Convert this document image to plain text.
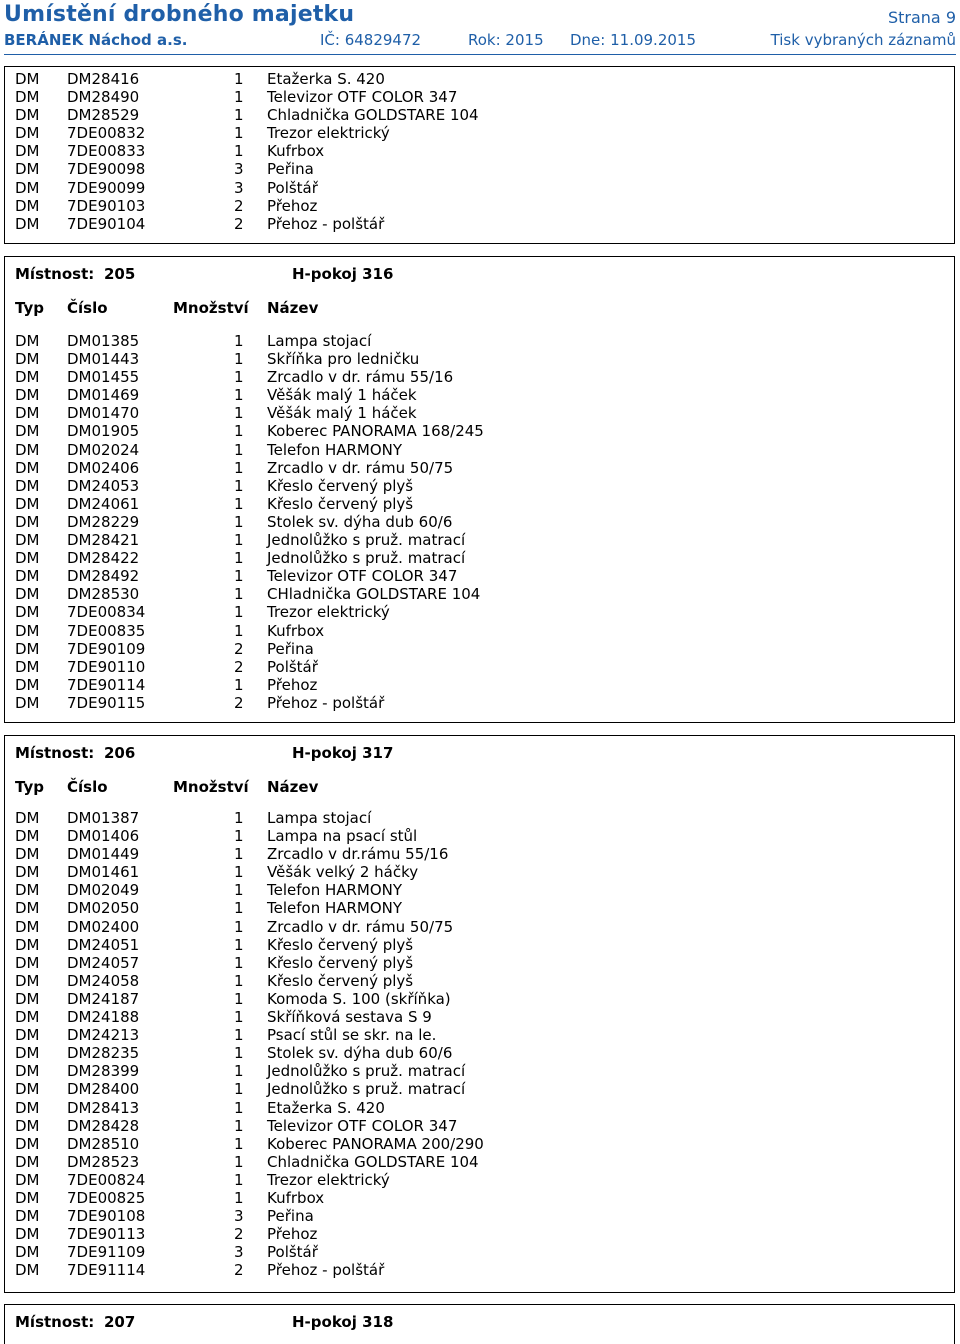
Umístění drobného majetku	Strana 9
BERÁNEK Náchod a.s.	IČ: 64829472	Rok: 2015 Dne: 11.09.2015	Tisk vybraných záznamů
DM DM28416	1 Etažerka S. 420
DM DM28490	1 Televizor OTF COLOR 347
DM DM28529	1 Chladnička GOLDSTARE 104
DM 7DE00832	1 Trezor elektrický
DM 7DE00833	1 Kufrbox
DM 7DE90098	3 Peřina
DM 7DE90099	3 Polštář
DM 7DE90103	2 Přehoz
DM 7DE90104	2 Přehoz - polštář
Místnost: 205	H-pokoj 316
Typ Číslo	Množství Název
DM DM01385	1 Lampa stojací
DM DM01443	1 Skříňka pro ledničku
DM DM01455	1 Zrcadlo v dr. rámu 55/16
DM DM01469	1 Věšák malý 1 háček
DM DM01470	1 Věšák malý 1 háček
DM DM01905	1 Koberec PANORAMA 168/245
DM DM02024	1 Telefon HARMONY
DM DM02406	1 Zrcadlo v dr. rámu 50/75
DM DM24053	1 Křeslo červený plyš
DM DM24061	1 Křeslo červený plyš
DM DM28229	1 Stolek sv. dýha dub 60/6
DM DM28421	1 Jednolůžko s pruž. matrací
DM DM28422	1 Jednolůžko s pruž. matrací
DM DM28492	1 Televizor OTF COLOR 347
DM DM28530	1 CHladnička GOLDSTARE 104
DM 7DE00834	1 Trezor elektrický
DM 7DE00835	1 Kufrbox
DM 7DE90109	2 Peřina
DM 7DE90110	2 Polštář
DM 7DE90114	1 Přehoz
DM 7DE90115	2 Přehoz - polštář
Místnost: 206	H-pokoj 317
Typ Číslo	Množství Název
DM DM01387	1 Lampa stojací
DM DM01406	1 Lampa na psací stůl
DM DM01449	1 Zrcadlo v dr.rámu 55/16
DM DM01461	1 Věšák velký 2 háčky
DM DM02049	1 Telefon HARMONY
DM DM02050	1 Telefon HARMONY
DM DM02400	1 Zrcadlo v dr. rámu 50/75
DM DM24051	1 Křeslo červený plyš
DM DM24057	1 Křeslo červený plyš
DM DM24058	1 Křeslo červený plyš
DM DM24187	1 Komoda S. 100 (skříňka)
DM DM24188	1 Skříňková sestava S 9
DM DM24213	1 Psací stůl se skr. na le.
DM DM28235	1 Stolek sv. dýha dub 60/6
DM DM28399	1 Jednolůžko s pruž. matrací
DM DM28400	1 Jednolůžko s pruž. matrací
DM DM28413	1 Etažerka S. 420
DM DM28428	1 Televizor OTF COLOR 347
DM DM28510	1 Koberec PANORAMA 200/290
DM DM28523	1 Chladnička GOLDSTARE 104
DM 7DE00824	1 Trezor elektrický
DM 7DE00825	1 Kufrbox
DM 7DE90108	3 Peřina
DM 7DE90113	2 Přehoz
DM 7DE91109	3 Polštář
DM 7DE91114	2 Přehoz - polštář
Místnost: 207	H-pokoj 318
